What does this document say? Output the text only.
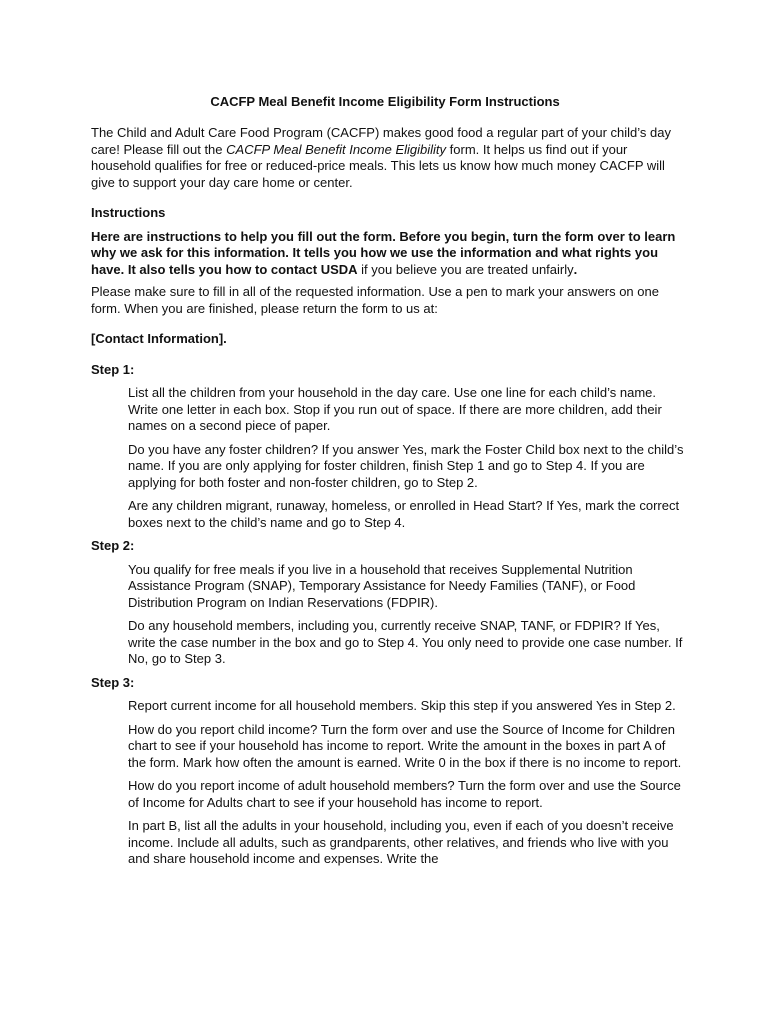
CACFP Meal Benefit Income Eligibility Form Instructions

The Child and Adult Care Food Program (CACFP) makes good food a regular part of your child’s day care! Please fill out the CACFP Meal Benefit Income Eligibility form. It helps us find out if your household qualifies for free or reduced-price meals. This lets us know how much money CACFP will give to support your day care home or center.

Instructions

Here are instructions to help you fill out the form. Before you begin, turn the form over to learn why we ask for this information. It tells you how we use the information and what rights you have. It also tells you how to contact USDA if you believe you are treated unfairly.

Please make sure to fill in all of the requested information. Use a pen to mark your answers on one form. When you are finished, please return the form to us at:

[Contact Information].

Step 1:

List all the children from your household in the day care. Use one line for each child’s name. Write one letter in each box. Stop if you run out of space. If there are more children, add their names on a second piece of paper.

Do you have any foster children? If you answer Yes, mark the Foster Child box next to the child’s name. If you are only applying for foster children, finish Step 1 and go to Step 4. If you are applying for both foster and non-foster children, go to Step 2.

Are any children migrant, runaway, homeless, or enrolled in Head Start? If Yes, mark the correct boxes next to the child’s name and go to Step 4.

Step 2:

You qualify for free meals if you live in a household that receives Supplemental Nutrition Assistance Program (SNAP), Temporary Assistance for Needy Families (TANF), or Food Distribution Program on Indian Reservations (FDPIR).

Do any household members, including you, currently receive SNAP, TANF, or FDPIR? If Yes, write the case number in the box and go to Step 4. You only need to provide one case number. If No, go to Step 3.

Step 3:

Report current income for all household members. Skip this step if you answered Yes in Step 2.

How do you report child income? Turn the form over and use the Source of Income for Children chart to see if your household has income to report. Write the amount in the boxes in part A of the form. Mark how often the amount is earned. Write 0 in the box if there is no income to report.

How do you report income of adult household members? Turn the form over and use the Source of Income for Adults chart to see if your household has income to report.

In part B, list all the adults in your household, including you, even if each of you doesn’t receive income. Include all adults, such as grandparents, other relatives, and friends who live with you and share household income and expenses. Write the
